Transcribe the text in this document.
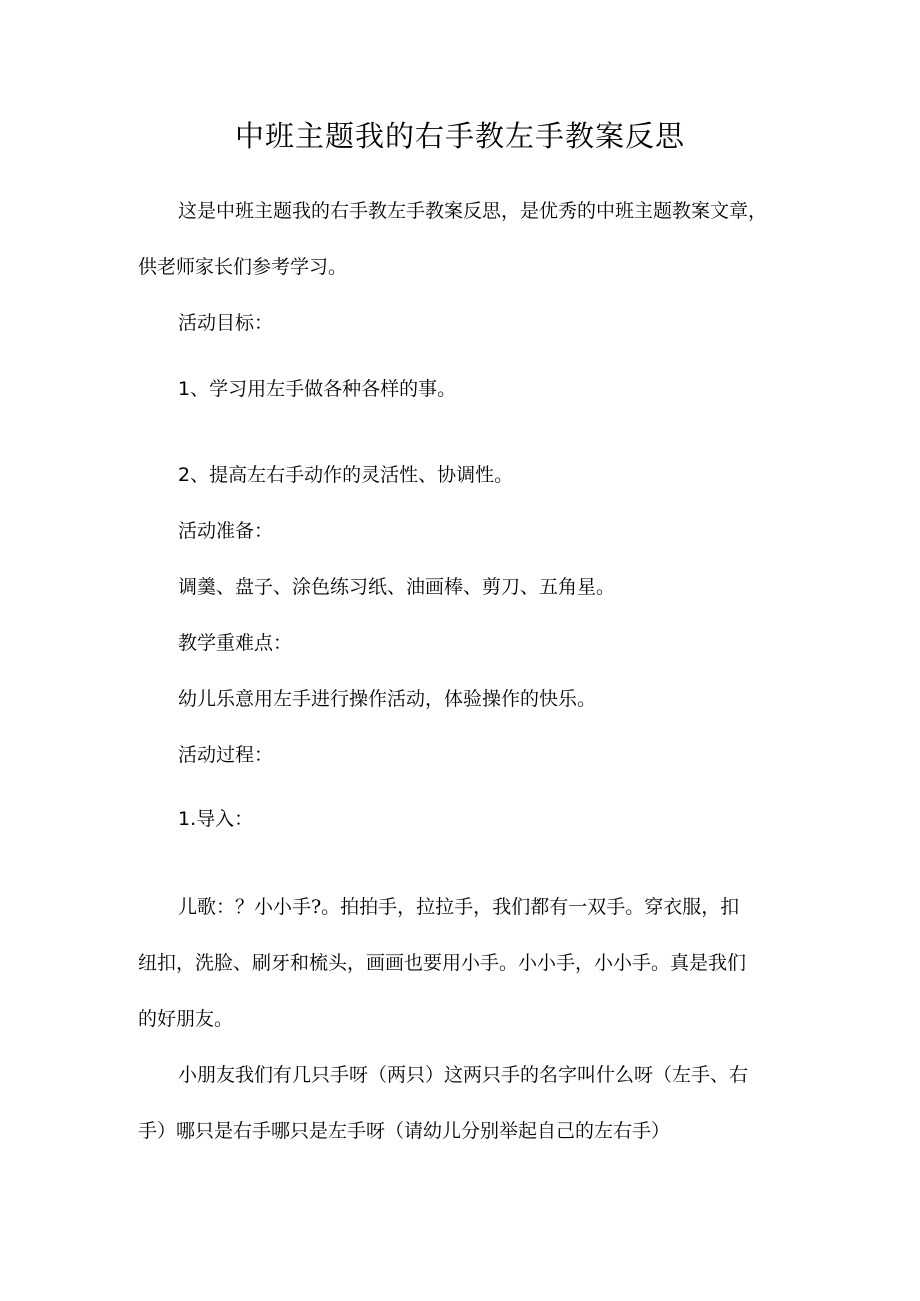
中班主题我的右手教左手教案反思
这是中班主题我的右手教左手教案反思，是优秀的中班主题教案文章，
供老师家长们参考学习。
活动目标：
1、学习用左手做各种各样的事。
2、提高左右手动作的灵活性、协调性。
活动准备：
调羹、盘子、涂色练习纸、油画棒、剪刀、五角星。
教学重难点：
幼儿乐意用左手进行操作活动，体验操作的快乐。
活动过程：
1.导入：
儿歌：？小小手?。拍拍手，拉拉手，我们都有一双手。穿衣服，扣
纽扣，洗脸、刷牙和梳头，画画也要用小手。小小手，小小手。真是我们
的好朋友。
小朋友我们有几只手呀（两只）这两只手的名字叫什么呀（左手、右
手）哪只是右手哪只是左手呀（请幼儿分别举起自己的左右手）
